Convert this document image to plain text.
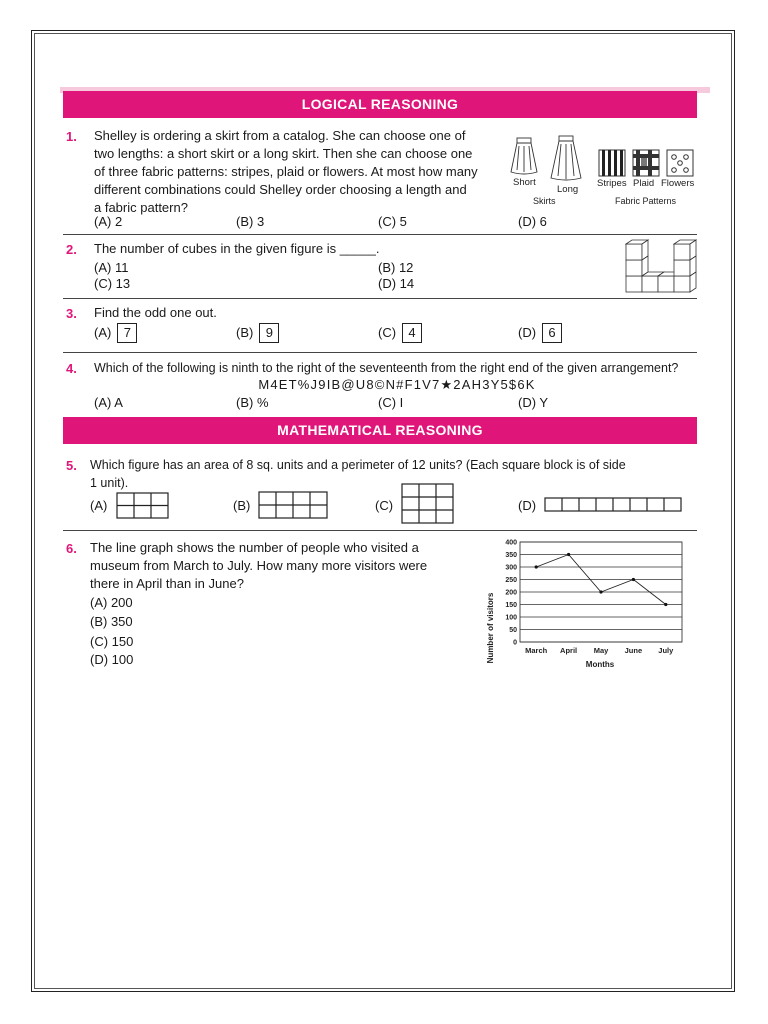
LOGICAL REASONING
1. Shelley is ordering a skirt from a catalog. She can choose one of
two lengths: a short skirt or a long skirt. Then she can choose one
of three fabric patterns: stripes, plaid or flowers. At most how many
different combinations could Shelley order choosing a length and
a fabric pattern?
(A) 2	(B) 3	(C) 5	(D) 6
Short
Long
Skirts
Stripes Plaid Flowers
Fabric Patterns
2. The number of cubes in the given figure is _____.
(A) 11	(B) 12
(C) 13	(D) 14
3. Find the odd one out.
(A) 7	(B) 9	(C) 4	(D) 6
4. Which of the following is ninth to the right of the seventeenth from the right end of the given arrangement?
M4ET%J9IB@U8©N#F1V7★2AH3Y5$6K
(A) A	(B) %	(C) I	(D) Y
MATHEMATICAL REASONING
5. Which figure has an area of 8 sq. units and a perimeter of 12 units? (Each square block is of side
1 unit).
(A)	(B)	(C)	(D)
6. The line graph shows the number of people who visited a
museum from March to July. How many more visitors were
there in April than in June?
(A) 200
(B) 350
(C) 150
(D) 100
0
50
100
150
200
250
300
350
400
March April May June July
Number of visitors
Months
